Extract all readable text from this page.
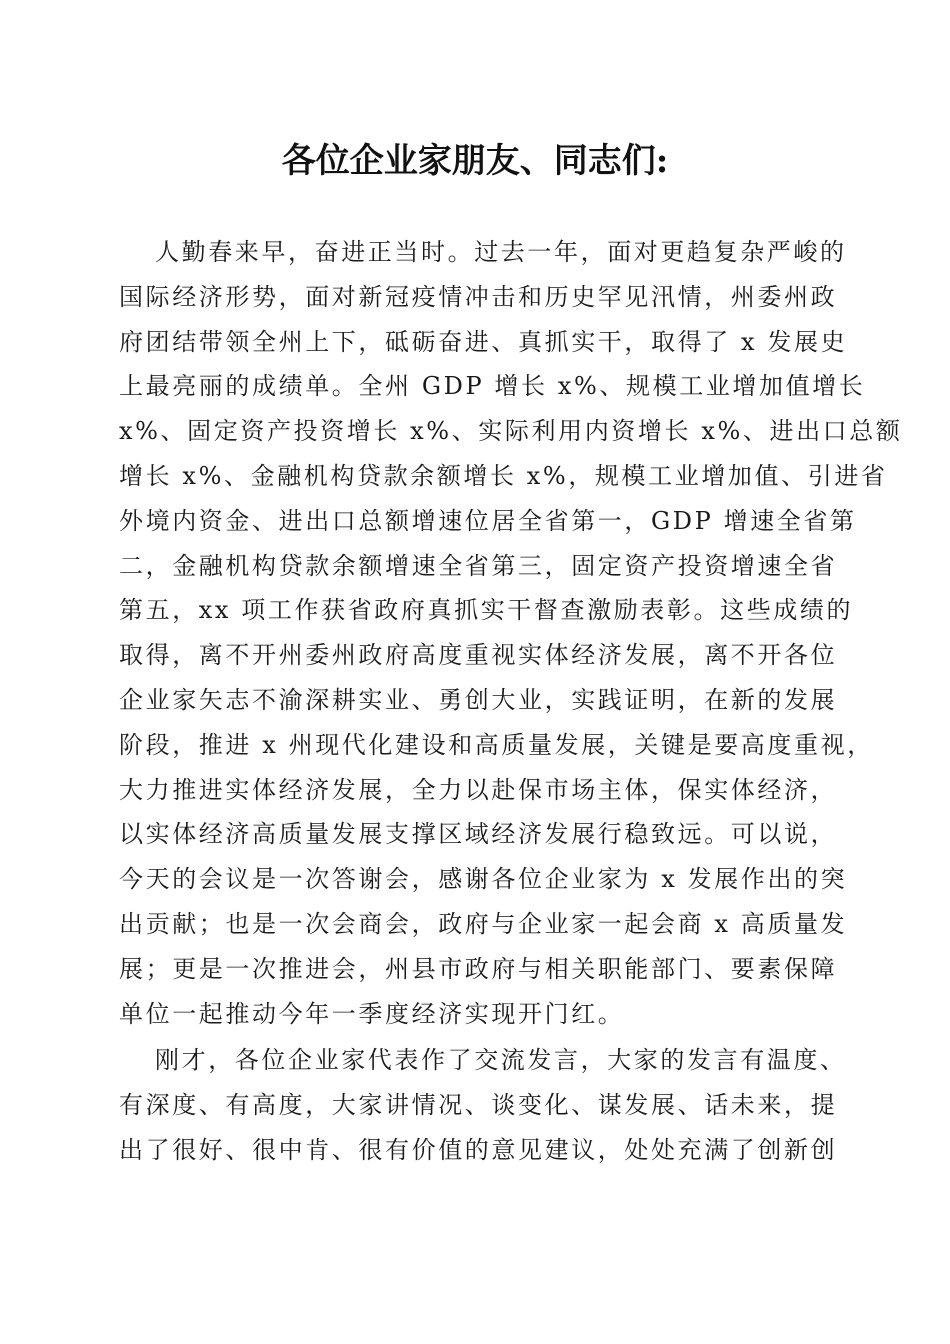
各位企业家朋友、同志们:
人勤春来早，奋进正当时。过去一年，面对更趋复杂严峻的
国际经济形势，面对新冠疫情冲击和历史罕见汛情，州委州政
府团结带领全州上下，砥砺奋进、真抓实干，取得了 x 发展史
上最亮丽的成绩单。全州 GDP 增长 x%、规模工业增加值增长
x%、固定资产投资增长 x%、实际利用内资增长 x%、进出口总额
增长 x%、金融机构贷款余额增长 x%，规模工业增加值、引进省
外境内资金、进出口总额增速位居全省第一，GDP 增速全省第
二，金融机构贷款余额增速全省第三，固定资产投资增速全省
第五，xx 项工作获省政府真抓实干督查激励表彰。这些成绩的
取得，离不开州委州政府高度重视实体经济发展，离不开各位
企业家矢志不渝深耕实业、勇创大业，实践证明，在新的发展
阶段，推进 x 州现代化建设和高质量发展，关键是要高度重视，
大力推进实体经济发展，全力以赴保市场主体，保实体经济，
以实体经济高质量发展支撑区域经济发展行稳致远。可以说，
今天的会议是一次答谢会，感谢各位企业家为 x 发展作出的突
出贡献；也是一次会商会，政府与企业家一起会商 x 高质量发
展；更是一次推进会，州县市政府与相关职能部门、要素保障
单位一起推动今年一季度经济实现开门红。
刚才，各位企业家代表作了交流发言，大家的发言有温度、
有深度、有高度，大家讲情况、谈变化、谋发展、话未来，提
出了很好、很中肯、很有价值的意见建议，处处充满了创新创
